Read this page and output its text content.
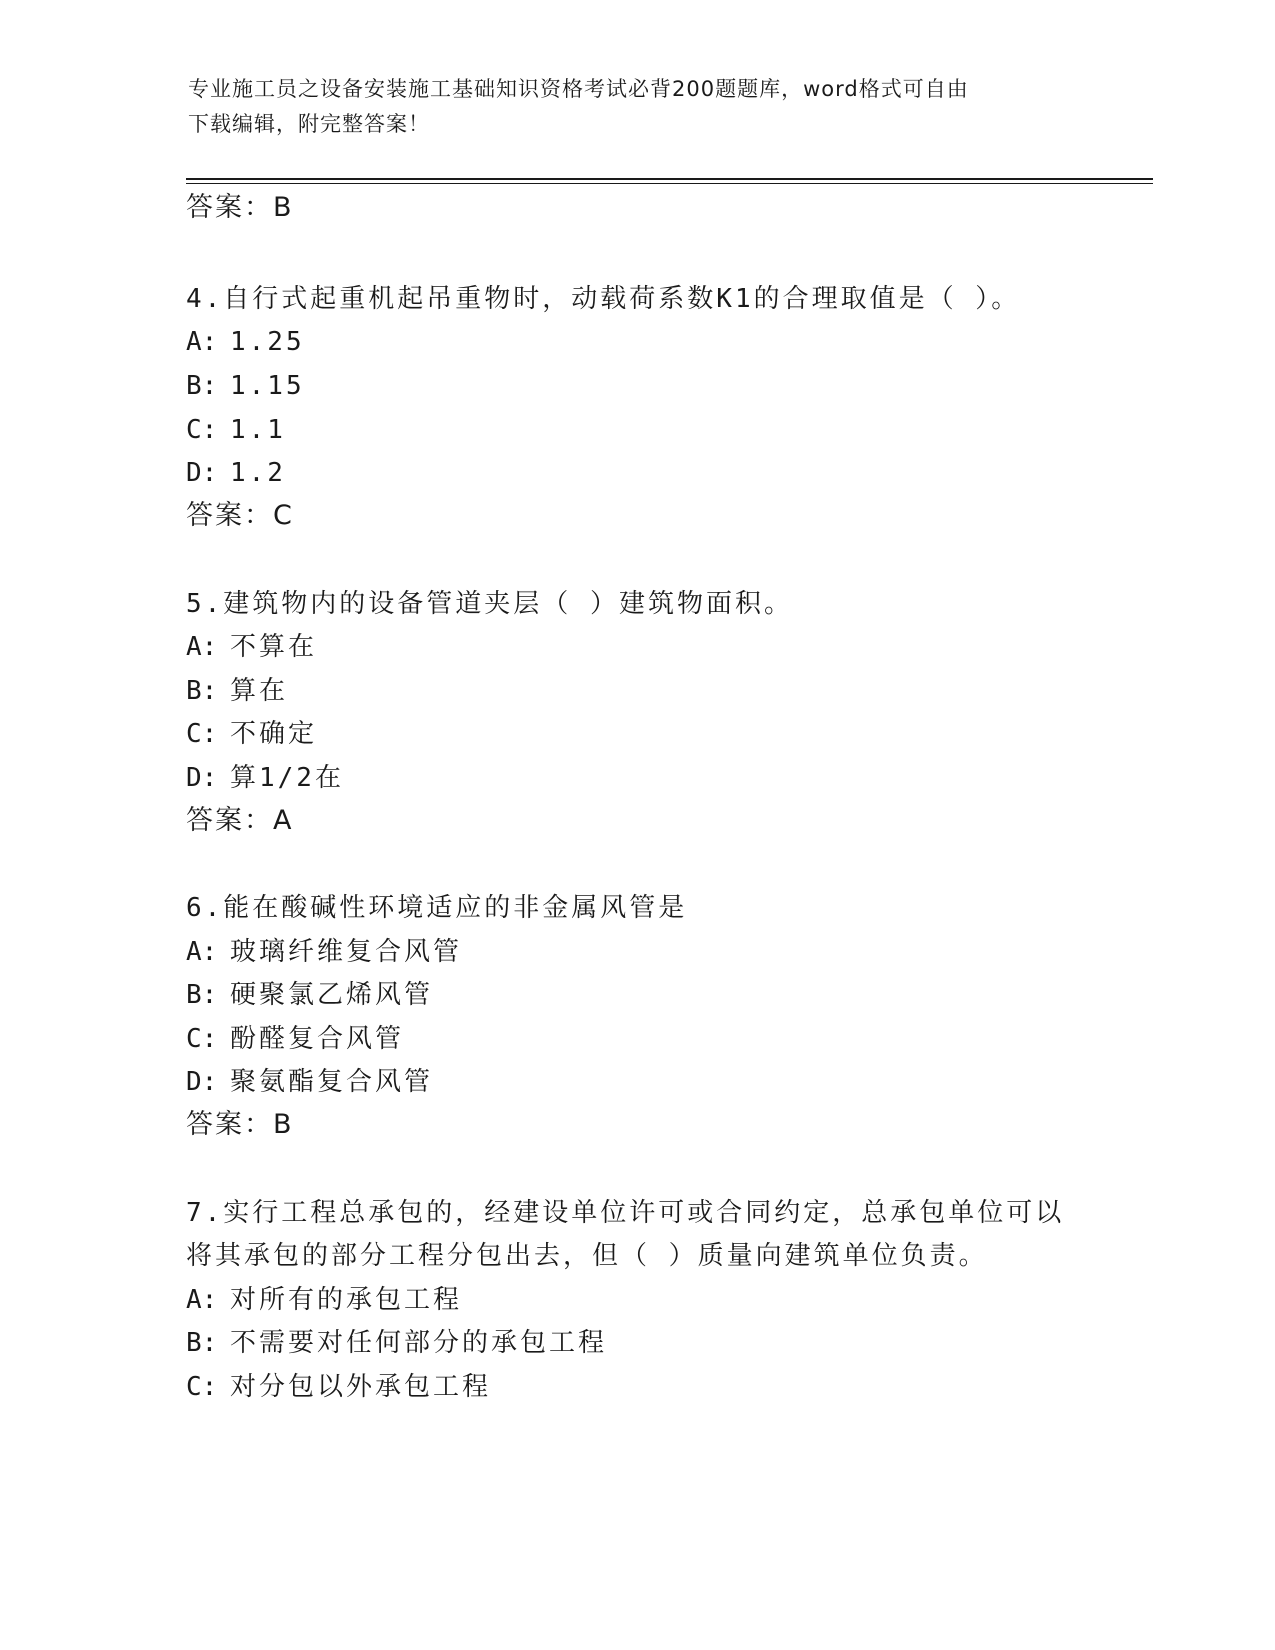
专业施工员之设备安装施工基础知识资格考试必背200题题库，word格式可自由
下载编辑，附完整答案！
答案：B
4.自行式起重机起吊重物时，动载荷系数K1的合理取值是（ ）。
A: 1.25
B: 1.15
C: 1.1
D: 1.2
答案：C
5.建筑物内的设备管道夹层（ ）建筑物面积。
A: 不算在
B: 算在
C: 不确定
D: 算1/2在
答案：A
6.能在酸碱性环境适应的非金属风管是
A: 玻璃纤维复合风管
B: 硬聚氯乙烯风管
C: 酚醛复合风管
D: 聚氨酯复合风管
答案：B
7.实行工程总承包的，经建设单位许可或合同约定，总承包单位可以
将其承包的部分工程分包出去，但（ ）质量向建筑单位负责。
A: 对所有的承包工程
B: 不需要对任何部分的承包工程
C: 对分包以外承包工程
